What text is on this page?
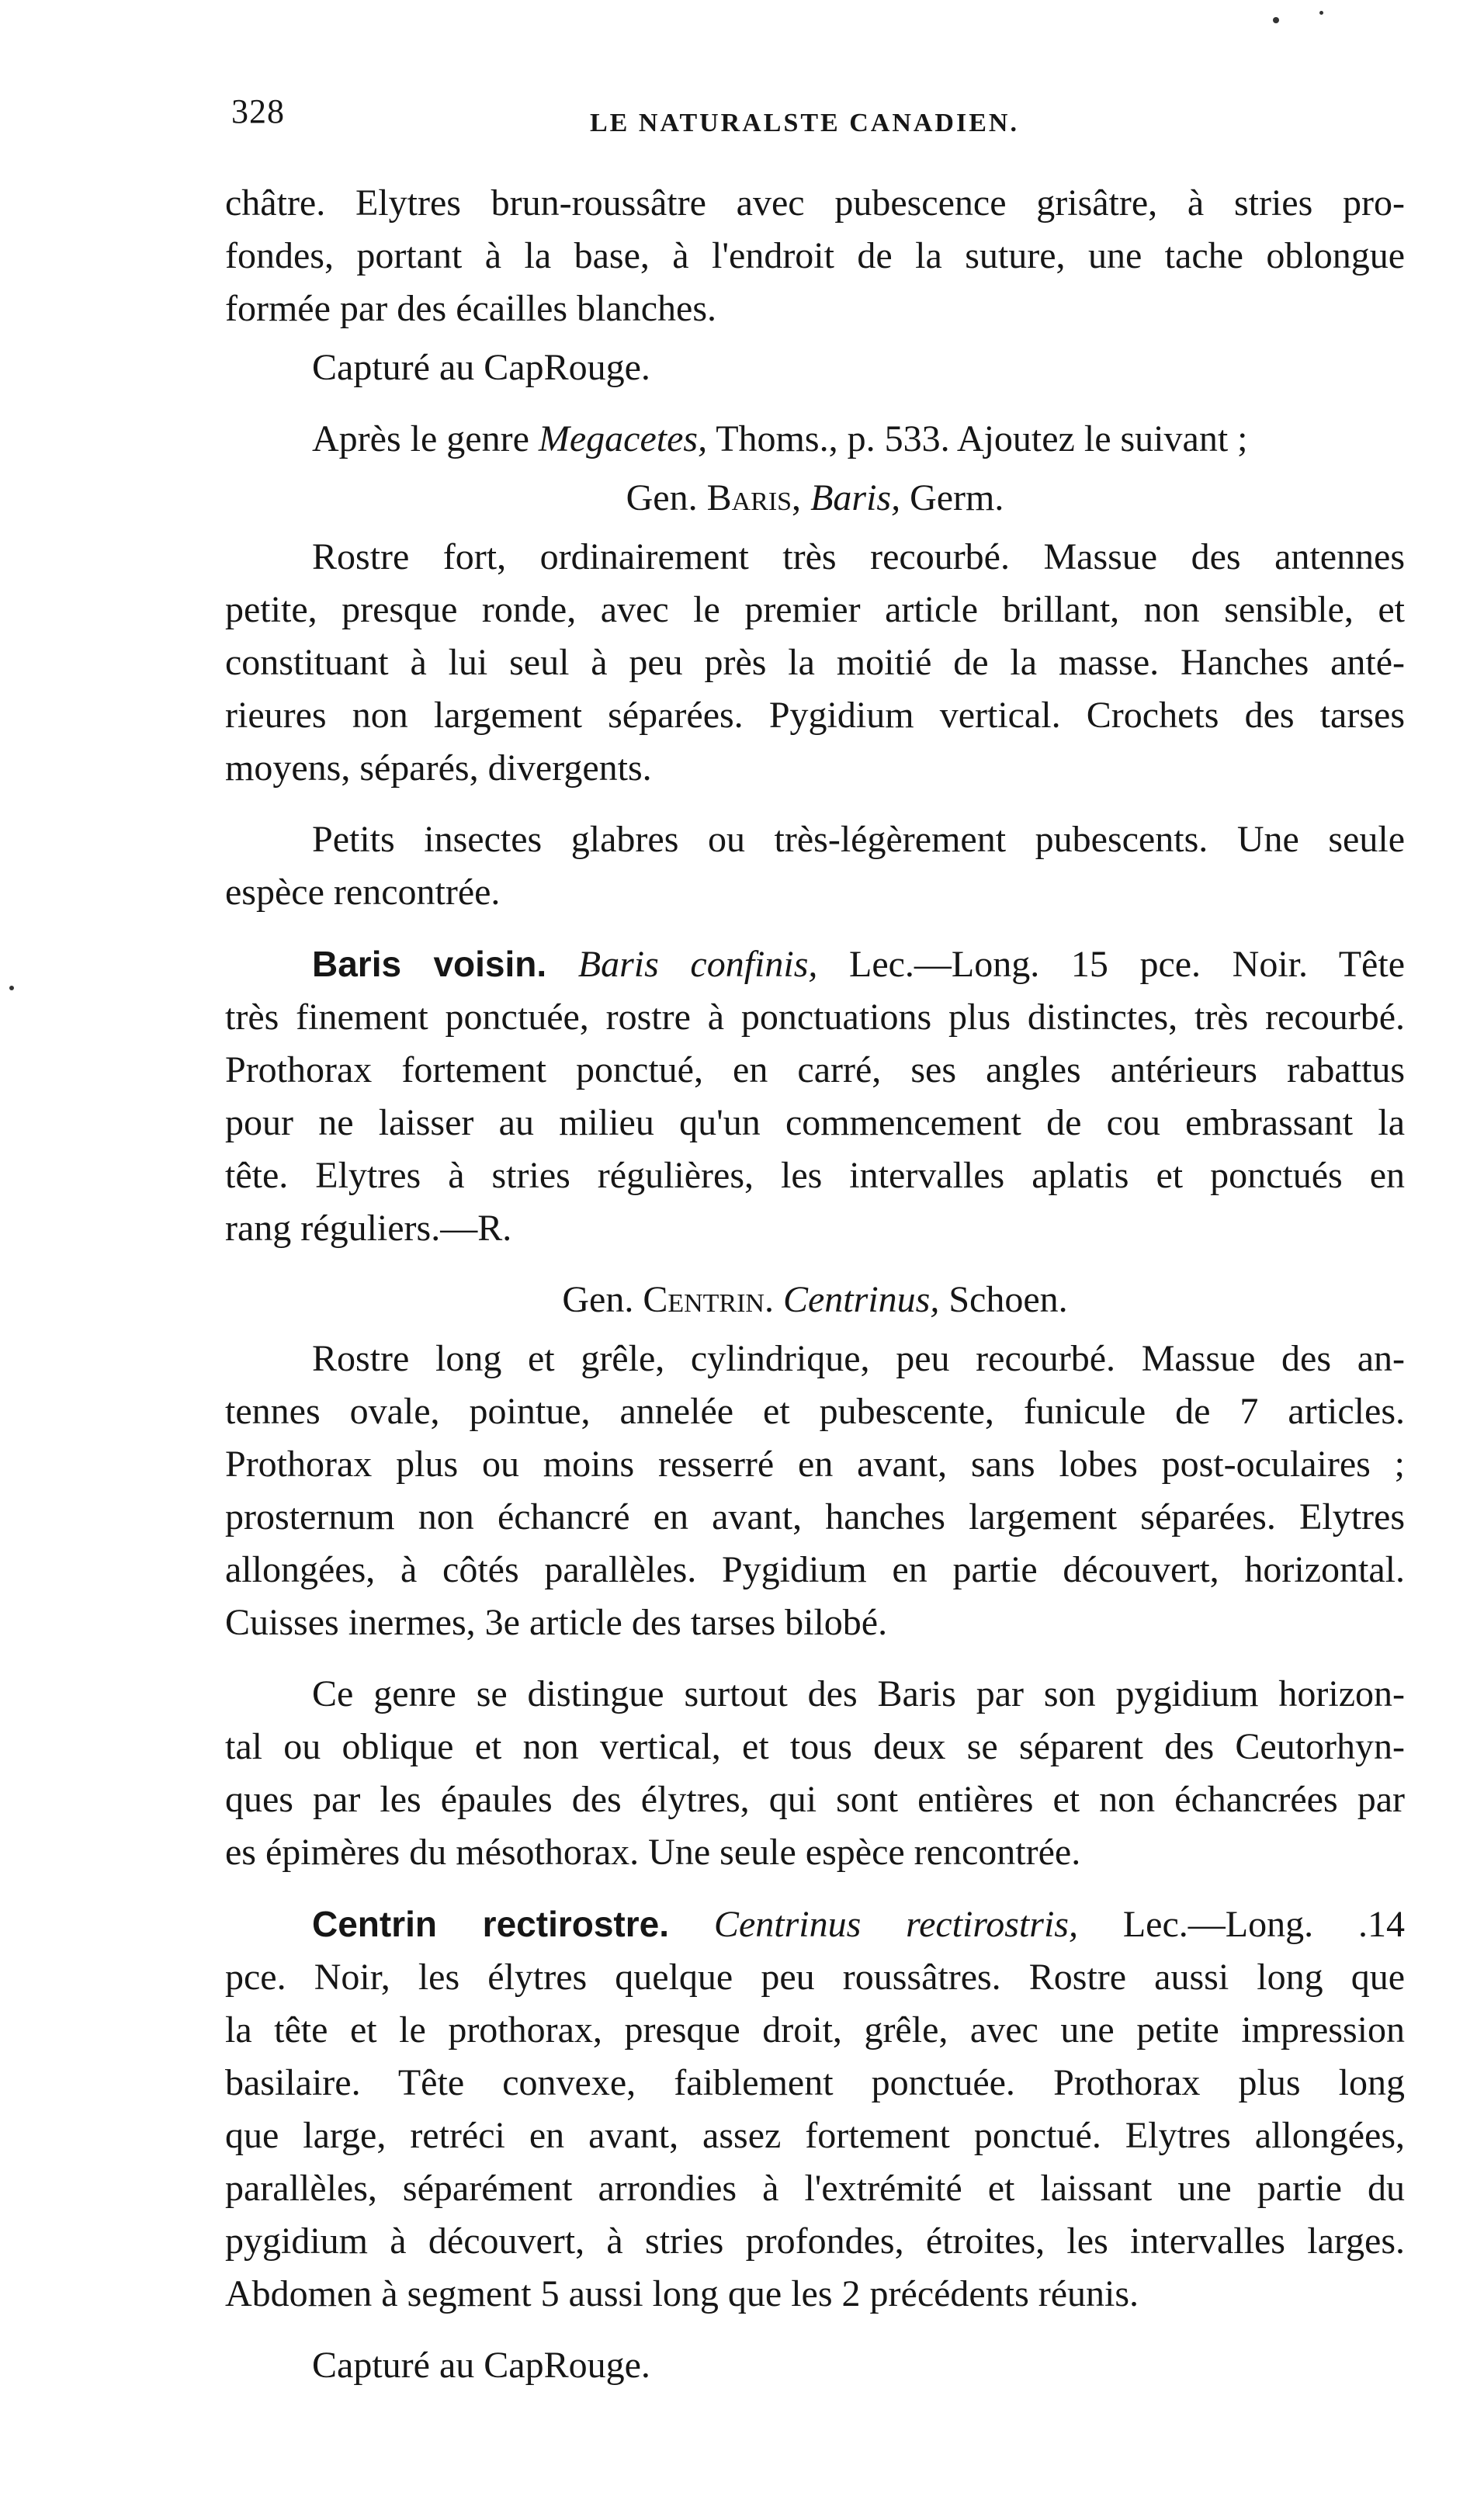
328	LE NATURALSTE CANADIEN.
châtre. Elytres brun-roussâtre avec pubescence grisâtre, à stries pro-
fondes, portant à la base, à l'endroit de la suture, une tache oblongue
formée par des écailles blanches.
Capturé au CapRouge.
Après le genre Megacetes, Thoms., p. 533. Ajoutez le suivant ;
Gen. Baris, Baris, Germ.
Rostre fort, ordinairement très recourbé. Massue des antennes
petite, presque ronde, avec le premier article brillant, non sensible, et
constituant à lui seul à peu près la moitié de la masse. Hanches anté-
rieures non largement séparées. Pygidium vertical. Crochets des tarses
moyens, séparés, divergents.
Petits insectes glabres ou très-légèrement pubescents. Une seule
espèce rencontrée.
Baris voisin. Baris confinis, Lec.—Long. 15 pce. Noir. Tête
très finement ponctuée, rostre à ponctuations plus distinctes, très recourbé.
Prothorax fortement ponctué, en carré, ses angles antérieurs rabattus
pour ne laisser au milieu qu'un commencement de cou embrassant la
tête. Elytres à stries régulières, les intervalles aplatis et ponctués en
rang réguliers.—R.
Gen. Centrin. Centrinus, Schoen.
Rostre long et grêle, cylindrique, peu recourbé. Massue des an-
tennes ovale, pointue, annelée et pubescente, funicule de 7 articles.
Prothorax plus ou moins resserré en avant, sans lobes post-oculaires ;
prosternum non échancré en avant, hanches largement séparées. Elytres
allongées, à côtés parallèles. Pygidium en partie découvert, horizontal.
Cuisses inermes, 3e article des tarses bilobé.
Ce genre se distingue surtout des Baris par son pygidium horizon-
tal ou oblique et non vertical, et tous deux se séparent des Ceutorhyn-
ques par les épaules des élytres, qui sont entières et non échancrées par
es épimères du mésothorax. Une seule espèce rencontrée.
Centrin rectirostre. Centrinus rectirostris, Lec.—Long. .14
pce. Noir, les élytres quelque peu roussâtres. Rostre aussi long que
la tête et le prothorax, presque droit, grêle, avec une petite impression
basilaire. Tête convexe, faiblement ponctuée. Prothorax plus long
que large, retréci en avant, assez fortement ponctué. Elytres allongées,
parallèles, séparément arrondies à l'extrémité et laissant une partie du
pygidium à découvert, à stries profondes, étroites, les intervalles larges.
Abdomen à segment 5 aussi long que les 2 précédents réunis.
Capturé au CapRouge.
